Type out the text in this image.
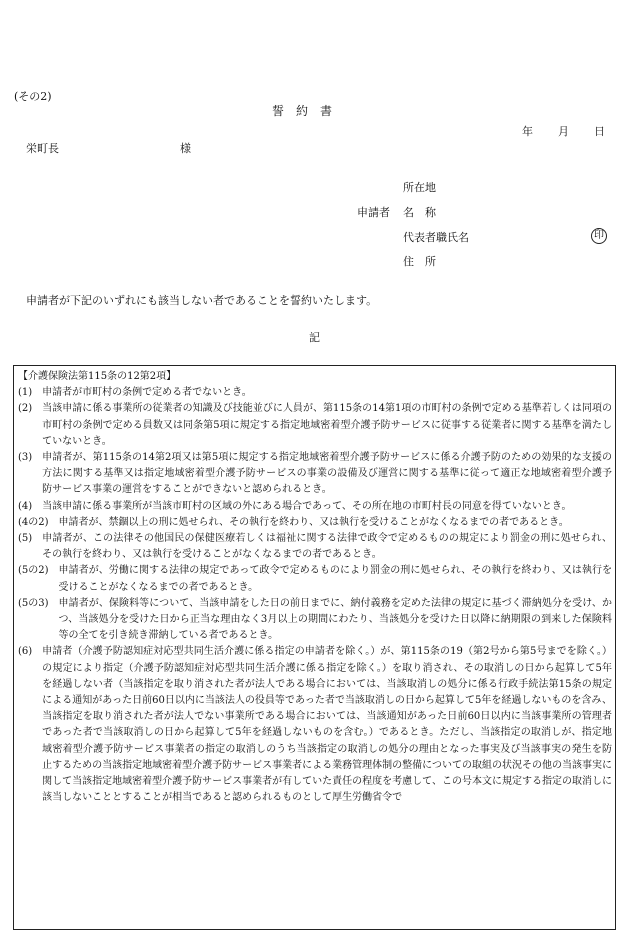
(その2)
誓　約　書
年 月 日
栄町長	様
所在地
申請者 名　称
代表者職氏名	印
住　所
申請者が下記のいずれにも該当しない者であることを誓約いたします。
記
【介護保険法第115条の12第2項】
(1)　 申請者が市町村の条例で定める者でないとき。
(2)　 当該申請に係る事業所の従業者の知識及び技能並びに人員が、第115条の14第1項の市町村の条例で定める基準若しくは同項の市町村の条例で定める員数又は同条第5項に規定する指定地域密着型介護予防サービスに従事する従業者に関する基準を満たしていないとき。
(3)　 申請者が、第115条の14第2項又は第5項に規定する指定地域密着型介護予防サービスに係る介護予防のための効果的な支援の方法に関する基準又は指定地域密着型介護予防サービスの事業の設備及び運営に関する基準に従って適正な地域密着型介護予防サービス事業の運営をすることができないと認められるとき。
(4)　 当該申請に係る事業所が当該市町村の区域の外にある場合であって、その所在地の市町村長の同意を得ていないとき。
(4の2)　 申請者が、禁錮以上の刑に処せられ、その執行を終わり、又は執行を受けることがなくなるまでの者であるとき。
(5)　 申請者が、この法律その他国民の保健医療若しくは福祉に関する法律で政令で定めるものの規定により罰金の刑に処せられ、その執行を終わり、又は執行を受けることがなくなるまでの者であるとき。
(5の2)　 申請者が、労働に関する法律の規定であって政令で定めるものにより罰金の刑に処せられ、その執行を終わり、又は執行を受けることがなくなるまでの者であるとき。
(5の3)　 申請者が、保険料等について、当該申請をした日の前日までに、納付義務を定めた法律の規定に基づく滞納処分を受け、かつ、当該処分を受けた日から正当な理由なく3月以上の期間にわたり、当該処分を受けた日以降に納期限の到来した保険料等の全てを引き続き滞納している者であるとき。
(6)　 申請者（介護予防認知症対応型共同生活介護に係る指定の申請者を除く。）が、第115条の19（第2号から第5号までを除く。）の規定により指定（介護予防認知症対応型共同生活介護に係る指定を除く。）を取り消され、その取消しの日から起算して5年を経過しない者（当該指定を取り消された者が法人である場合においては、当該取消しの処分に係る行政手続法第15条の規定による通知があった日前60日以内に当該法人の役員等であった者で当該取消しの日から起算して5年を経過しないものを含み、当該指定を取り消された者が法人でない事業所である場合においては、当該通知があった日前60日以内に当該事業所の管理者であった者で当該取消しの日から起算して5年を経過しないものを含む。）であるとき。ただし、当該指定の取消しが、指定地域密着型介護予防サービス事業者の指定の取消しのうち当該指定の取消しの処分の理由となった事実及び当該事実の発生を防止するための当該指定地域密着型介護予防サービス事業者による業務管理体制の整備についての取組の状況その他の当該事実に関して当該指定地域密着型介護予防サービス事業者が有していた責任の程度を考慮して、この号本文に規定する指定の取消しに該当しないこととすることが相当であると認められるものとして厚生労働省令で
